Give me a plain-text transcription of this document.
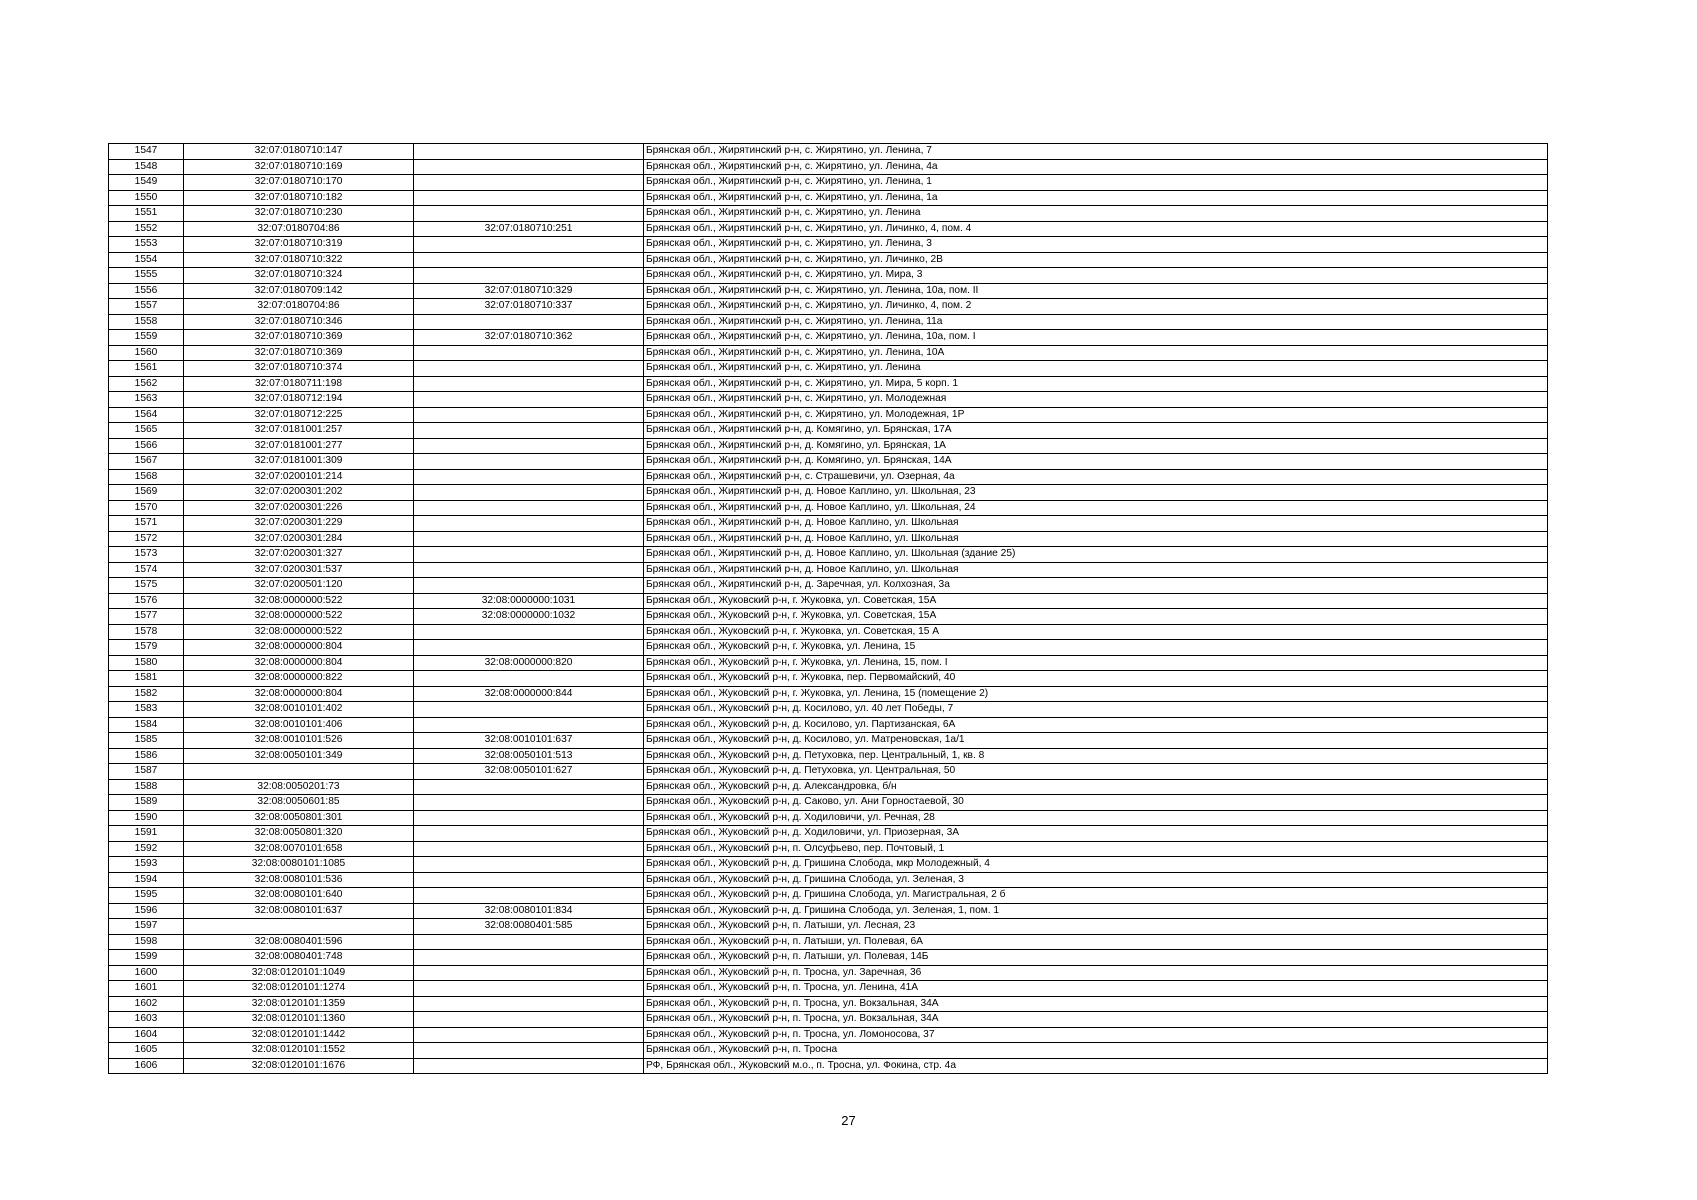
1547	32:07:0180710:147		Брянская обл., Жирятинский р-н, с. Жирятино, ул. Ленина, 7
1548	32:07:0180710:169		Брянская обл., Жирятинский р-н, с. Жирятино, ул. Ленина, 4а
1549	32:07:0180710:170		Брянская обл., Жирятинский р-н, с. Жирятино, ул. Ленина, 1
1550	32:07:0180710:182		Брянская обл., Жирятинский р-н, с. Жирятино, ул. Ленина, 1а
1551	32:07:0180710:230		Брянская обл., Жирятинский р-н, с. Жирятино, ул. Ленина
1552	32:07:0180704:86	32:07:0180710:251	Брянская обл., Жирятинский р-н, с. Жирятино, ул. Личинко, 4, пом. 4
1553	32:07:0180710:319		Брянская обл., Жирятинский р-н, с. Жирятино, ул. Ленина, 3
1554	32:07:0180710:322		Брянская обл., Жирятинский р-н, с. Жирятино, ул. Личинко, 2В
1555	32:07:0180710:324		Брянская обл., Жирятинский р-н, с. Жирятино, ул. Мира, 3
1556	32:07:0180709:142	32:07:0180710:329	Брянская обл., Жирятинский р-н, с. Жирятино, ул. Ленина, 10а, пом. II
1557	32:07:0180704:86	32:07:0180710:337	Брянская обл., Жирятинский р-н, с. Жирятино, ул. Личинко, 4, пом. 2
1558	32:07:0180710:346		Брянская обл., Жирятинский р-н, с. Жирятино, ул. Ленина, 11а
1559	32:07:0180710:369	32:07:0180710:362	Брянская обл., Жирятинский р-н, с. Жирятино, ул. Ленина, 10а, пом. I
1560	32:07:0180710:369		Брянская обл., Жирятинский р-н, с. Жирятино, ул. Ленина, 10А
1561	32:07:0180710:374		Брянская обл., Жирятинский р-н, с. Жирятино, ул. Ленина
1562	32:07:0180711:198		Брянская обл., Жирятинский р-н, с. Жирятино, ул. Мира, 5 корп. 1
1563	32:07:0180712:194		Брянская обл., Жирятинский р-н, с. Жирятино, ул. Молодежная
1564	32:07:0180712:225		Брянская обл., Жирятинский р-н, с. Жирятино, ул. Молодежная, 1Р
1565	32:07:0181001:257		Брянская обл., Жирятинский р-н, д. Комягино, ул. Брянская, 17А
1566	32:07:0181001:277		Брянская обл., Жирятинский р-н, д. Комягино, ул. Брянская, 1А
1567	32:07:0181001:309		Брянская обл., Жирятинский р-н, д. Комягино, ул. Брянская, 14А
1568	32:07:0200101:214		Брянская обл., Жирятинский р-н, с. Страшевичи, ул. Озерная, 4а
1569	32:07:0200301:202		Брянская обл., Жирятинский р-н, д. Новое Каплино, ул. Школьная, 23
1570	32:07:0200301:226		Брянская обл., Жирятинский р-н, д. Новое Каплино, ул. Школьная, 24
1571	32:07:0200301:229		Брянская обл., Жирятинский р-н, д. Новое Каплино, ул. Школьная
1572	32:07:0200301:284		Брянская обл., Жирятинский р-н, д. Новое Каплино, ул. Школьная
1573	32:07:0200301:327		Брянская обл., Жирятинский р-н, д. Новое Каплино, ул. Школьная (здание 25)
1574	32:07:0200301:537		Брянская обл., Жирятинский р-н, д. Новое Каплино, ул. Школьная
1575	32:07:0200501:120		Брянская обл., Жирятинский р-н, д. Заречная, ул. Колхозная, 3а
1576	32:08:0000000:522	32:08:0000000:1031	Брянская обл., Жуковский р-н, г. Жуковка, ул. Советская, 15А
1577	32:08:0000000:522	32:08:0000000:1032	Брянская обл., Жуковский р-н, г. Жуковка, ул. Советская, 15А
1578	32:08:0000000:522		Брянская обл., Жуковский р-н, г. Жуковка, ул. Советская, 15 А
1579	32:08:0000000:804		Брянская обл., Жуковский р-н, г. Жуковка, ул. Ленина, 15
1580	32:08:0000000:804	32:08:0000000:820	Брянская обл., Жуковский р-н, г. Жуковка, ул. Ленина, 15, пом. I
1581	32:08:0000000:822		Брянская обл., Жуковский р-н, г. Жуковка, пер. Первомайский, 40
1582	32:08:0000000:804	32:08:0000000:844	Брянская обл., Жуковский р-н, г. Жуковка, ул. Ленина, 15 (помещение 2)
1583	32:08:0010101:402		Брянская обл., Жуковский р-н, д. Косилово, ул. 40 лет Победы, 7
1584	32:08:0010101:406		Брянская обл., Жуковский р-н, д. Косилово, ул. Партизанская, 6А
1585	32:08:0010101:526	32:08:0010101:637	Брянская обл., Жуковский р-н, д. Косилово, ул. Матреновская, 1а/1
1586	32:08:0050101:349	32:08:0050101:513	Брянская обл., Жуковский р-н, д. Петуховка, пер. Центральный, 1, кв. 8
1587		32:08:0050101:627	Брянская обл., Жуковский р-н, д. Петуховка, ул. Центральная, 50
1588	32:08:0050201:73		Брянская обл., Жуковский р-н, д. Александровка, б/н
1589	32:08:0050601:85		Брянская обл., Жуковский р-н, д. Саково, ул. Ани Горностаевой, 30
1590	32:08:0050801:301		Брянская обл., Жуковский р-н, д. Ходиловичи, ул. Речная, 28
1591	32:08:0050801:320		Брянская обл., Жуковский р-н, д. Ходиловичи, ул. Приозерная, 3А
1592	32:08:0070101:658		Брянская обл., Жуковский р-н, п. Олсуфьево, пер. Почтовый, 1
1593	32:08:0080101:1085		Брянская обл., Жуковский р-н, д. Гришина Слобода, мкр Молодежный, 4
1594	32:08:0080101:536		Брянская обл., Жуковский р-н, д. Гришина Слобода, ул. Зеленая, 3
1595	32:08:0080101:640		Брянская обл., Жуковский р-н, д. Гришина Слобода, ул. Магистральная, 2 б
1596	32:08:0080101:637	32:08:0080101:834	Брянская обл., Жуковский р-н, д. Гришина Слобода, ул. Зеленая, 1, пом. 1
1597		32:08:0080401:585	Брянская обл., Жуковский р-н, п. Латыши, ул. Лесная, 23
1598	32:08:0080401:596		Брянская обл., Жуковский р-н, п. Латыши, ул. Полевая, 6А
1599	32:08:0080401:748		Брянская обл., Жуковский р-н, п. Латыши, ул. Полевая, 14Б
1600	32:08:0120101:1049		Брянская обл., Жуковский р-н, п. Тросна, ул. Заречная, 36
1601	32:08:0120101:1274		Брянская обл., Жуковский р-н, п. Тросна, ул. Ленина, 41А
1602	32:08:0120101:1359		Брянская обл., Жуковский р-н, п. Тросна, ул. Вокзальная, 34А
1603	32:08:0120101:1360		Брянская обл., Жуковский р-н, п. Тросна, ул. Вокзальная, 34А
1604	32:08:0120101:1442		Брянская обл., Жуковский р-н, п. Тросна, ул. Ломоносова, 37
1605	32:08:0120101:1552		Брянская обл., Жуковский р-н, п. Тросна
1606	32:08:0120101:1676		РФ, Брянская обл., Жуковский м.о., п. Тросна, ул. Фокина, стр. 4а
27
